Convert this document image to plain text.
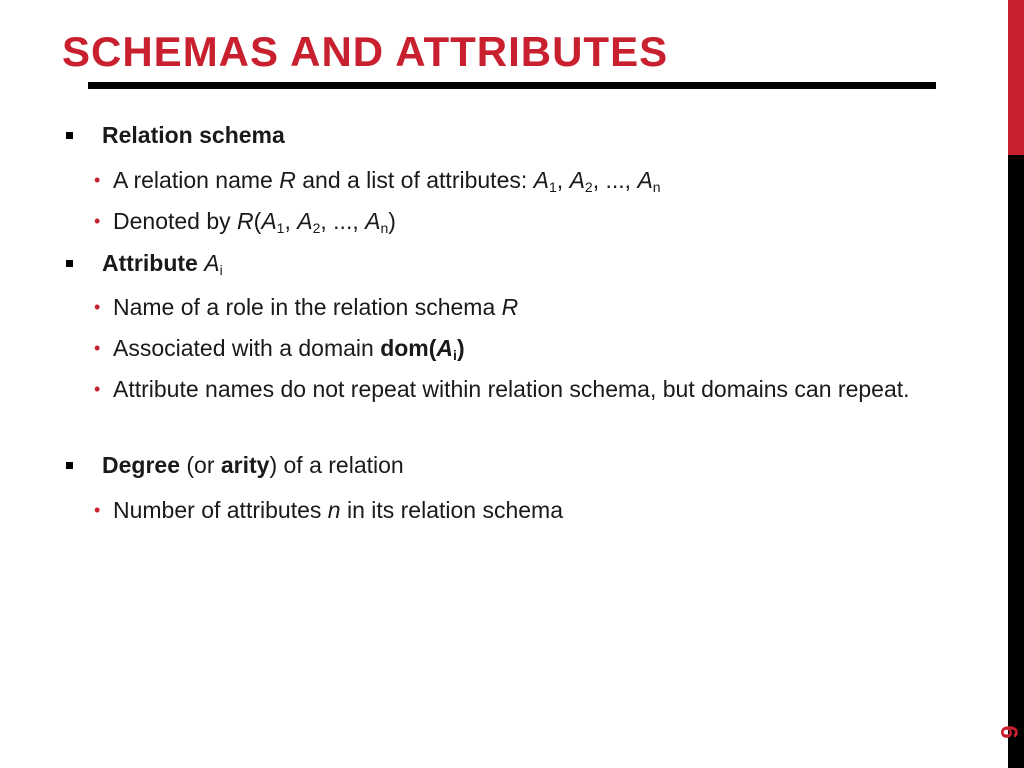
SCHEMAS AND ATTRIBUTES
Relation schema
• A relation name R and a list of attributes: $A_1$, $A_2$, ..., $A_n$
• Denoted by $R(A_1$, $A_2$, ..., $A_n$)
Attribute $A_i$
• Name of a role in the relation schema R
• Associated with a domain $dom(A_i)$
• Attribute names do not repeat within relation schema, but domains can repeat.
Degree (or arity) of a relation
• Number of attributes n in its relation schema
6
